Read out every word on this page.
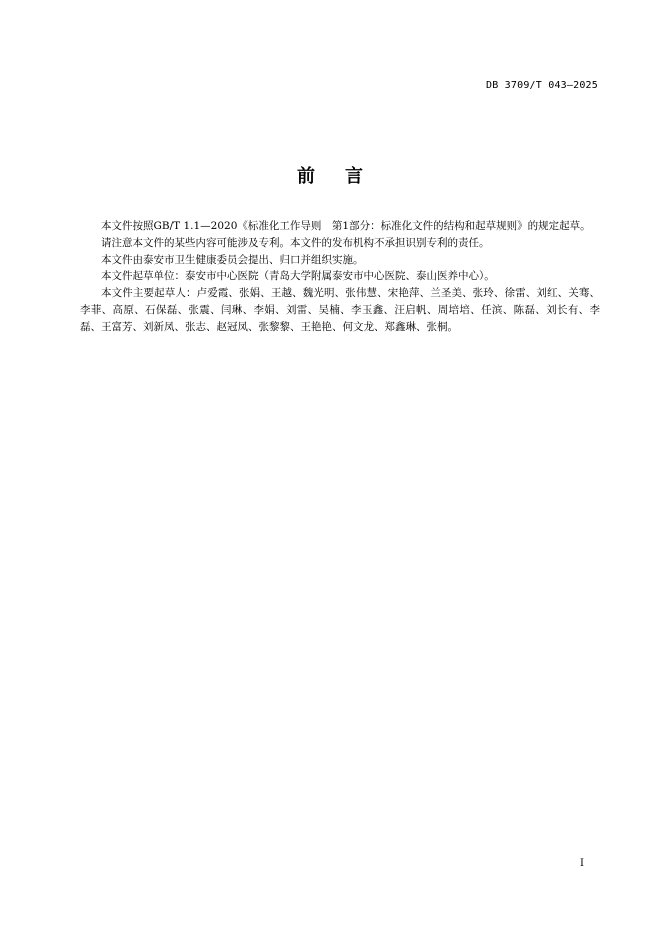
DB 3709/T 043—2025
前 言

本文件按照GB/T 1.1—2020《标准化工作导则　第1部分：标准化文件的结构和起草规则》的规定起草。

请注意本文件的某些内容可能涉及专利。本文件的发布机构不承担识别专利的责任。

本文件由泰安市卫生健康委员会提出、归口并组织实施。

本文件起草单位：泰安市中心医院（青岛大学附属泰安市中心医院、泰山医养中心）。

本文件主要起草人：卢爱霞、张娟、王越、魏光明、张伟慧、宋艳萍、兰圣美、张玲、徐雷、刘红、关骞、李菲、高原、石保磊、张震、闫琳、李娟、刘雷、吴楠、李玉鑫、汪启帆、周培培、任滨、陈磊、刘长有、李磊、王富芳、刘新凤、张志、赵冠凤、张黎黎、王艳艳、何文龙、郑鑫琳、张桐。

I
